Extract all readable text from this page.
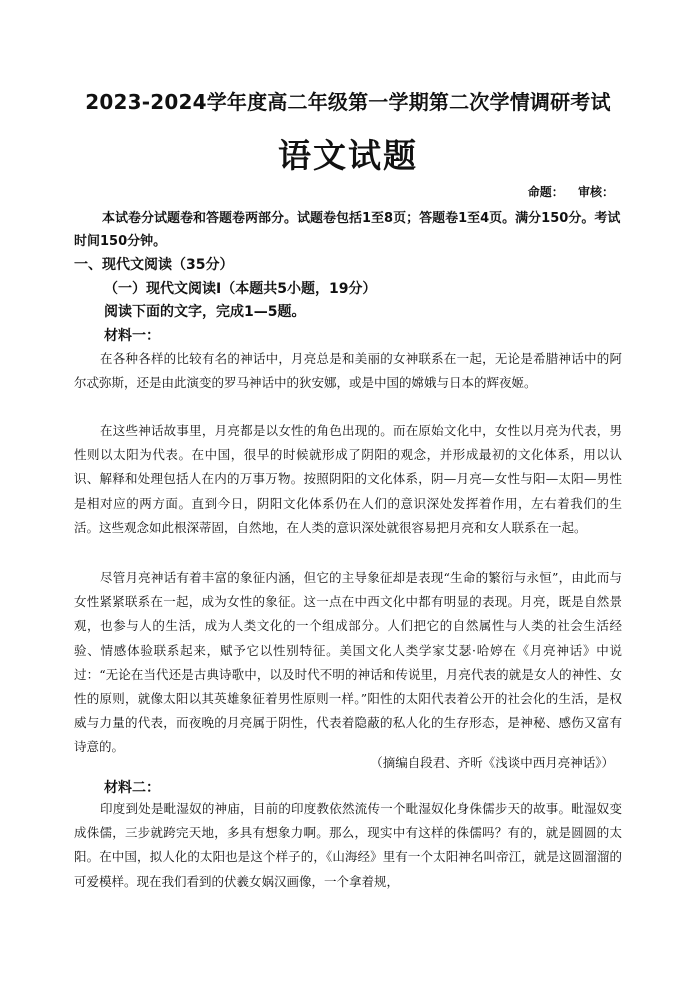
2023-2024学年度高二年级第一学期第二次学情调研考试
语文试题
命题： 审核：

本试卷分试题卷和答题卷两部分。试题卷包括1至8页；答题卷1至4页。满分150分。考试时间150分钟。

一、现代文阅读（35分）
（一）现代文阅读Ⅰ（本题共5小题，19分）
阅读下面的文字，完成1—5题。
材料一：

在各种各样的比较有名的神话中，月亮总是和美丽的女神联系在一起，无论是希腊神话中的阿尔忒弥斯，还是由此演变的罗马神话中的狄安娜，或是中国的嫦娥与日本的辉夜姬。

在这些神话故事里，月亮都是以女性的角色出现的。而在原始文化中，女性以月亮为代表，男性则以太阳为代表。在中国，很早的时候就形成了阴阳的观念，并形成最初的文化体系，用以认识、解释和处理包括人在内的万事万物。按照阴阳的文化体系，阴—月亮—女性与阳—太阳—男性是相对应的两方面。直到今日，阴阳文化体系仍在人们的意识深处发挥着作用，左右着我们的生活。这些观念如此根深蒂固，自然地，在人类的意识深处就很容易把月亮和女人联系在一起。

尽管月亮神话有着丰富的象征内涵，但它的主导象征却是表现“生命的繁衍与永恒”，由此而与女性紧紧联系在一起，成为女性的象征。这一点在中西文化中都有明显的表现。月亮，既是自然景观，也参与人的生活，成为人类文化的一个组成部分。人们把它的自然属性与人类的社会生活经验、情感体验联系起来，赋予它以性别特征。美国文化人类学家艾瑟·哈婷在《月亮神话》中说过：“无论在当代还是古典诗歌中，以及时代不明的神话和传说里，月亮代表的就是女人的神性、女性的原则，就像太阳以其英雄象征着男性原则一样。”阳性的太阳代表着公开的社会化的生活，是权威与力量的代表，而夜晚的月亮属于阴性，代表着隐蔽的私人化的生存形态，是神秘、感伤又富有诗意的。

（摘编自段君、齐昕《浅谈中西月亮神话》）
材料二：

印度到处是毗湿奴的神庙，目前的印度教依然流传一个毗湿奴化身侏儒步天的故事。毗湿奴变成侏儒，三步就跨完天地，多具有想象力啊。那么，现实中有这样的侏儒吗？有的，就是圆圆的太阳。在中国，拟人化的太阳也是这个样子的，《山海经》里有一个太阳神名叫帝江，就是这圆溜溜的可爱模样。现在我们看到的伏羲女娲汉画像，一个拿着规，
